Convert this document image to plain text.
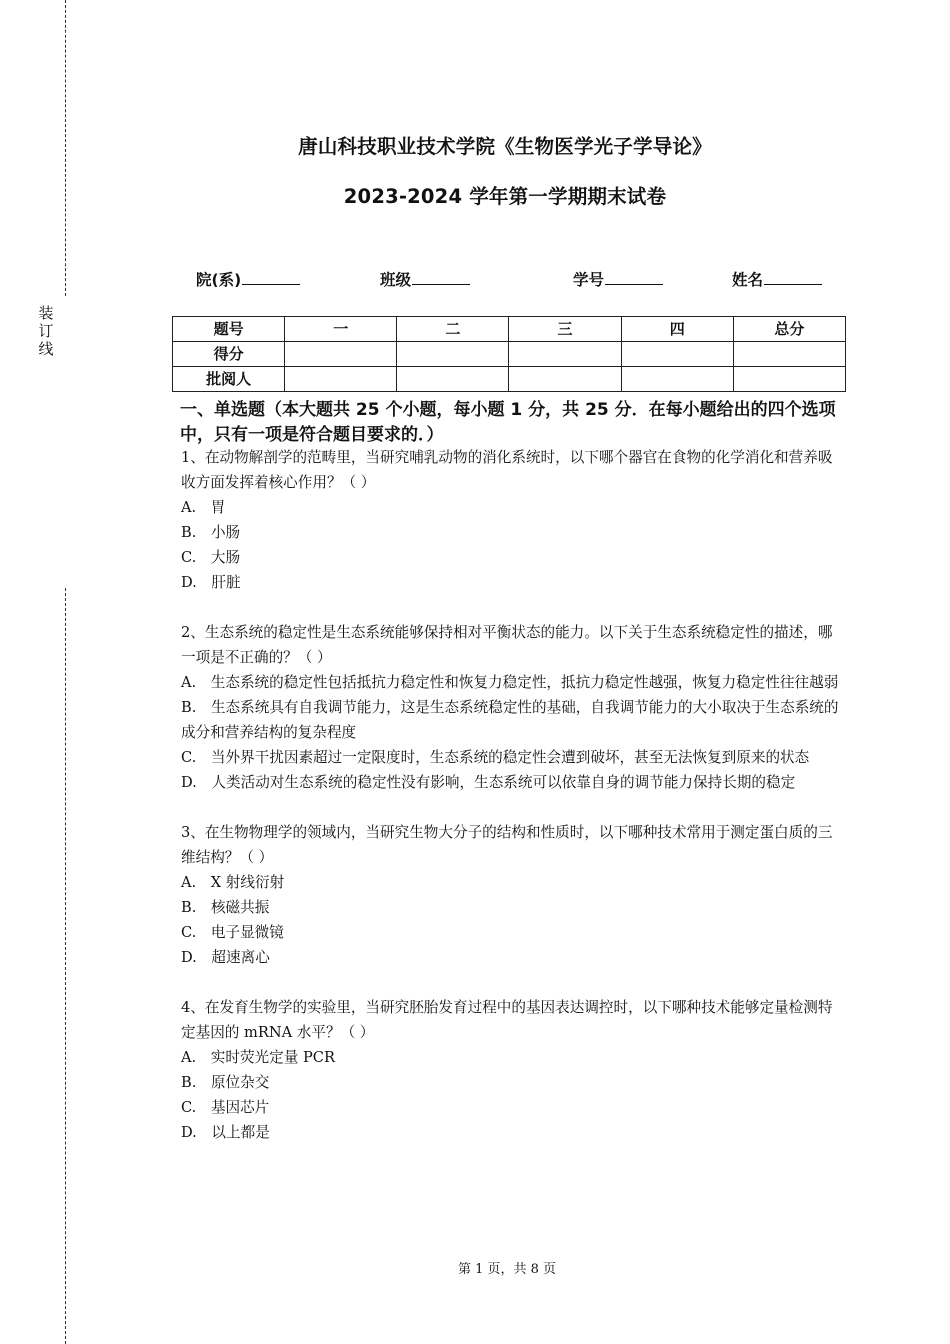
装
订
线
唐山科技职业技术学院《生物医学光子学导论》
2023-2024 学年第一学期期末试卷
院(系)	班级	学号	姓名
题号	一	二	三	四	总分
得分					
批阅人					
一、单选题（本大题共 25 个小题，每小题 1 分，共 25 分．在每小题给出的四个选项中，只有一项是符合题目要求的．）

1、在动物解剖学的范畴里，当研究哺乳动物的消化系统时，以下哪个器官在食物的化学消化和营养吸收方面发挥着核心作用？（ ）

A.　胃

B.　小肠

C.　大肠

D.　肝脏

2、生态系统的稳定性是生态系统能够保持相对平衡状态的能力。以下关于生态系统稳定性的描述，哪一项是不正确的？（ ）

A.　生态系统的稳定性包括抵抗力稳定性和恢复力稳定性，抵抗力稳定性越强，恢复力稳定性往往越弱

B.　生态系统具有自我调节能力，这是生态系统稳定性的基础，自我调节能力的大小取决于生态系统的成分和营养结构的复杂程度

C.　当外界干扰因素超过一定限度时，生态系统的稳定性会遭到破坏，甚至无法恢复到原来的状态

D.　人类活动对生态系统的稳定性没有影响，生态系统可以依靠自身的调节能力保持长期的稳定

3、在生物物理学的领域内，当研究生物大分子的结构和性质时，以下哪种技术常用于测定蛋白质的三维结构？（ ）

A.　X 射线衍射

B.　核磁共振

C.　电子显微镜

D.　超速离心

4、在发育生物学的实验里，当研究胚胎发育过程中的基因表达调控时，以下哪种技术能够定量检测特定基因的 mRNA 水平？（ ）

A.　实时荧光定量 PCR

B.　原位杂交

C.　基因芯片

D.　以上都是

第 1 页，共 8 页
